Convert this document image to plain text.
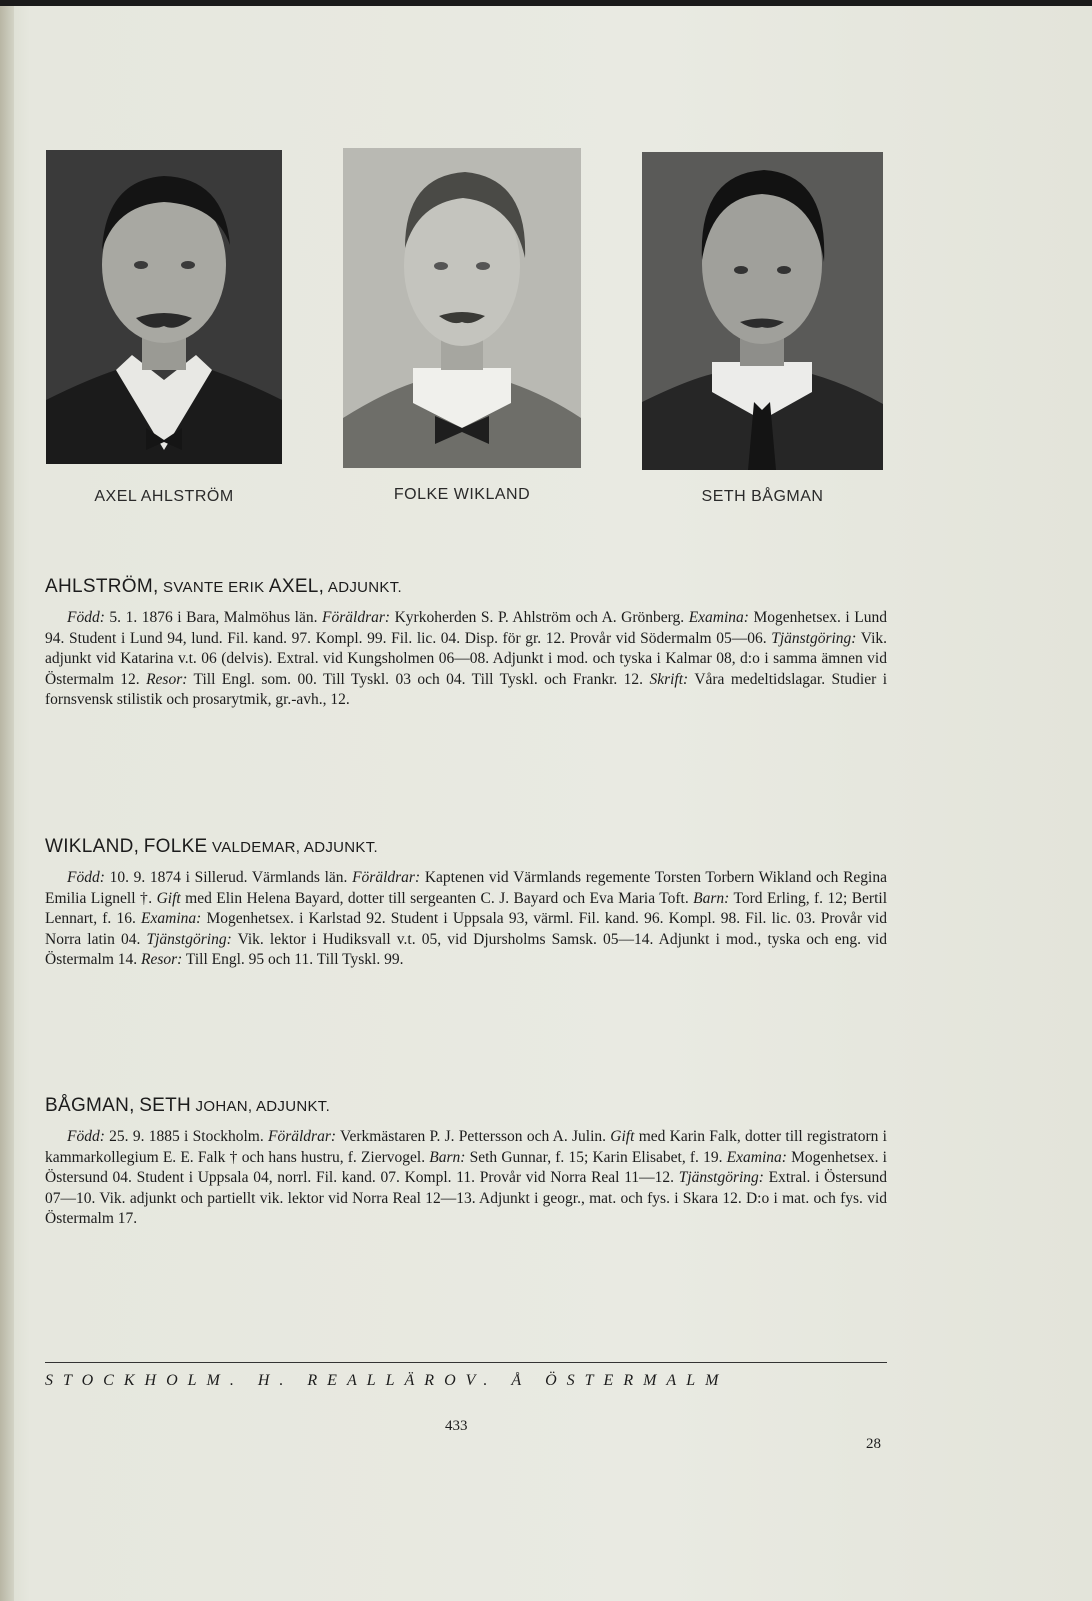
AXEL AHLSTRÖM	FOLKE WIKLAND	SETH BÅGMAN
AHLSTRÖM, SVANTE ERIK AXEL, ADJUNKT.

Född: 5. 1. 1876 i Bara, Malmöhus län. Föräldrar: Kyrkoherden S. P. Ahlström och A. Grönberg. Examina: Mogenhetsex. i Lund 94. Student i Lund 94, lund. Fil. kand. 97. Kompl. 99. Fil. lic. 04. Disp. för gr. 12. Provår vid Södermalm 05—06. Tjänstgöring: Vik. adjunkt vid Katarina v.t. 06 (delvis). Extral. vid Kungsholmen 06—08. Adjunkt i mod. och tyska i Kalmar 08, d:o i samma ämnen vid Östermalm 12. Resor: Till Engl. som. 00. Till Tyskl. 03 och 04. Till Tyskl. och Frankr. 12. Skrift: Våra medeltidslagar. Studier i fornsvensk stilistik och prosarytmik, gr.-avh., 12.

WIKLAND, FOLKE VALDEMAR, ADJUNKT.

Född: 10. 9. 1874 i Sillerud. Värmlands län. Föräldrar: Kaptenen vid Värmlands regemente Torsten Torbern Wikland och Regina Emilia Lignell †. Gift med Elin Helena Bayard, dotter till sergeanten C. J. Bayard och Eva Maria Toft. Barn: Tord Erling, f. 12; Bertil Lennart, f. 16. Examina: Mogenhetsex. i Karlstad 92. Student i Uppsala 93, värml. Fil. kand. 96. Kompl. 98. Fil. lic. 03. Provår vid Norra latin 04. Tjänstgöring: Vik. lektor i Hudiksvall v.t. 05, vid Djursholms Samsk. 05—14. Adjunkt i mod., tyska och eng. vid Östermalm 14. Resor: Till Engl. 95 och 11. Till Tyskl. 99.

BÅGMAN, SETH JOHAN, ADJUNKT.

Född: 25. 9. 1885 i Stockholm. Föräldrar: Verkmästaren P. J. Pettersson och A. Julin. Gift med Karin Falk, dotter till registratorn i kammarkollegium E. E. Falk † och hans hustru, f. Ziervogel. Barn: Seth Gunnar, f. 15; Karin Elisabet, f. 19. Examina: Mogenhetsex. i Östersund 04. Student i Uppsala 04, norrl. Fil. kand. 07. Kompl. 11. Provår vid Norra Real 11—12. Tjänstgöring: Extral. i Östersund 07—10. Vik. adjunkt och partiellt vik. lektor vid Norra Real 12—13. Adjunkt i geogr., mat. och fys. i Skara 12. D:o i mat. och fys. vid Östermalm 17.

STOCKHOLM. H. REALLÄROV. Å ÖSTERMALM
433
28
